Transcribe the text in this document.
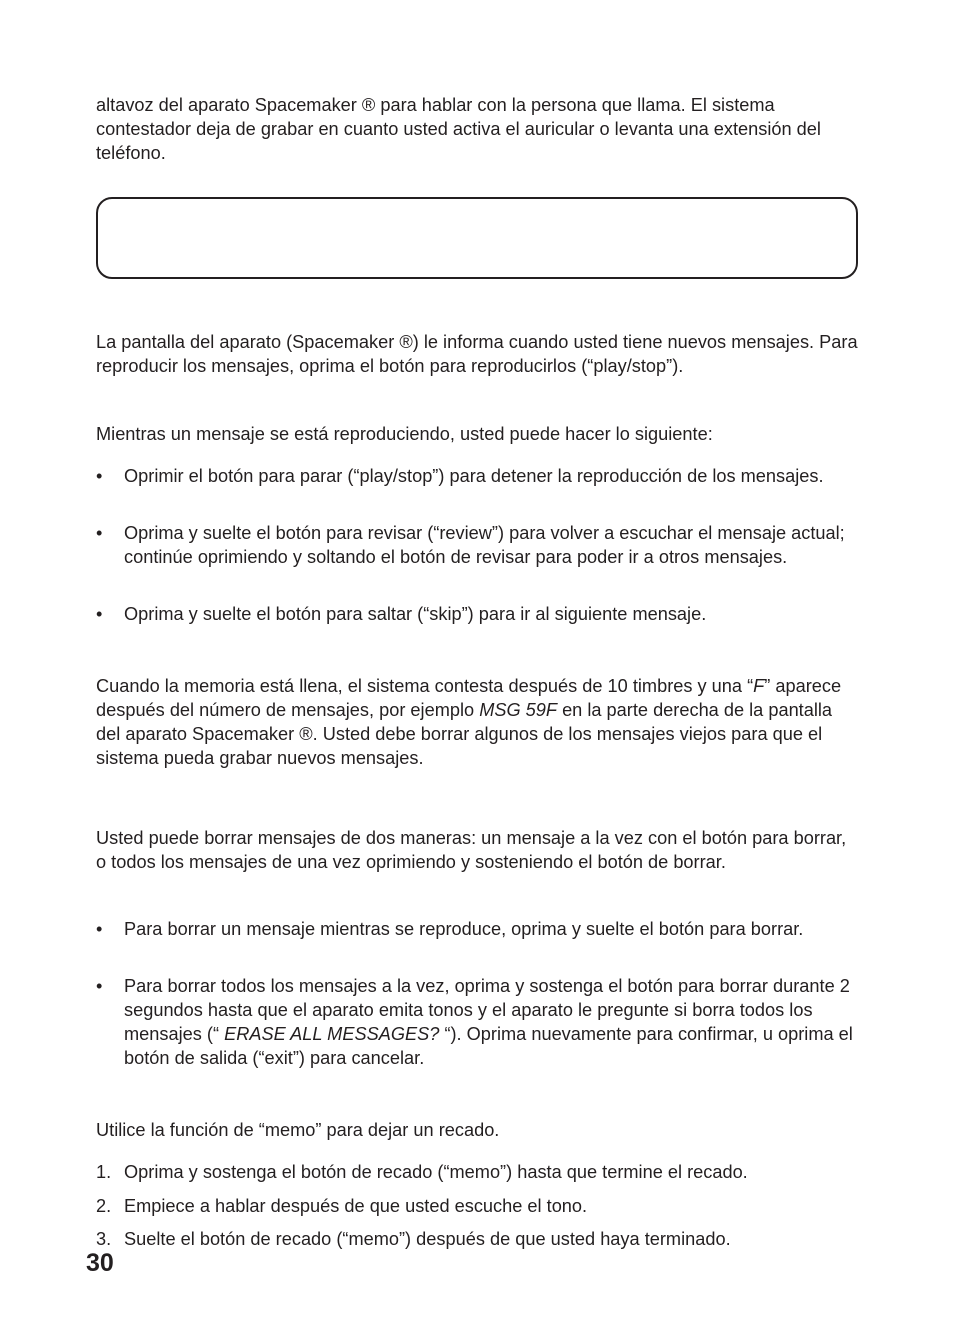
altavoz del aparato Spacemaker ® para hablar con la persona que llama. El sistema contestador deja de grabar en cuanto usted activa el auricular o levanta una extensión del teléfono.

La pantalla del aparato (Spacemaker ®) le informa cuando usted tiene nuevos mensajes. Para reproducir los mensajes, oprima el botón para reproducirlos (“play/stop”).

Mientras un mensaje se está reproduciendo, usted puede hacer lo siguiente:

• Oprimir el botón para parar (“play/stop”) para detener la reproducción de los mensajes.
• Oprima y suelte el botón para revisar (“review”) para volver a escuchar el mensaje actual; continúe oprimiendo y soltando el botón de revisar para poder ir a otros mensajes.
• Oprima y suelte el botón para saltar (“skip”) para ir al siguiente mensaje.

Cuando la memoria está llena, el sistema contesta después de 10 timbres y una “F” aparece después del número de mensajes, por ejemplo MSG 59F en la parte derecha de la pantalla del aparato Spacemaker ®. Usted debe borrar algunos de los mensajes viejos para que el sistema pueda grabar nuevos mensajes.

Usted puede borrar mensajes de dos maneras: un mensaje a la vez con el botón para borrar, o todos los mensajes de una vez oprimiendo y sosteniendo el botón de borrar.

• Para borrar un mensaje mientras se reproduce, oprima y suelte el botón para borrar.
• Para borrar todos los mensajes a la vez, oprima y sostenga el botón para borrar durante 2 segundos hasta que el aparato emita tonos y el aparato le pregunte si borra todos los mensajes (“ ERASE ALL MESSAGES? “). Oprima nuevamente para confirmar, u oprima el botón de salida (“exit”) para cancelar.

Utilice la función de “memo” para dejar un recado.

1. Oprima y sostenga el botón de recado (“memo”) hasta que termine el recado.
2. Empiece a hablar después de que usted escuche el tono.
3. Suelte el botón de recado (“memo”) después de que usted haya terminado.
30
